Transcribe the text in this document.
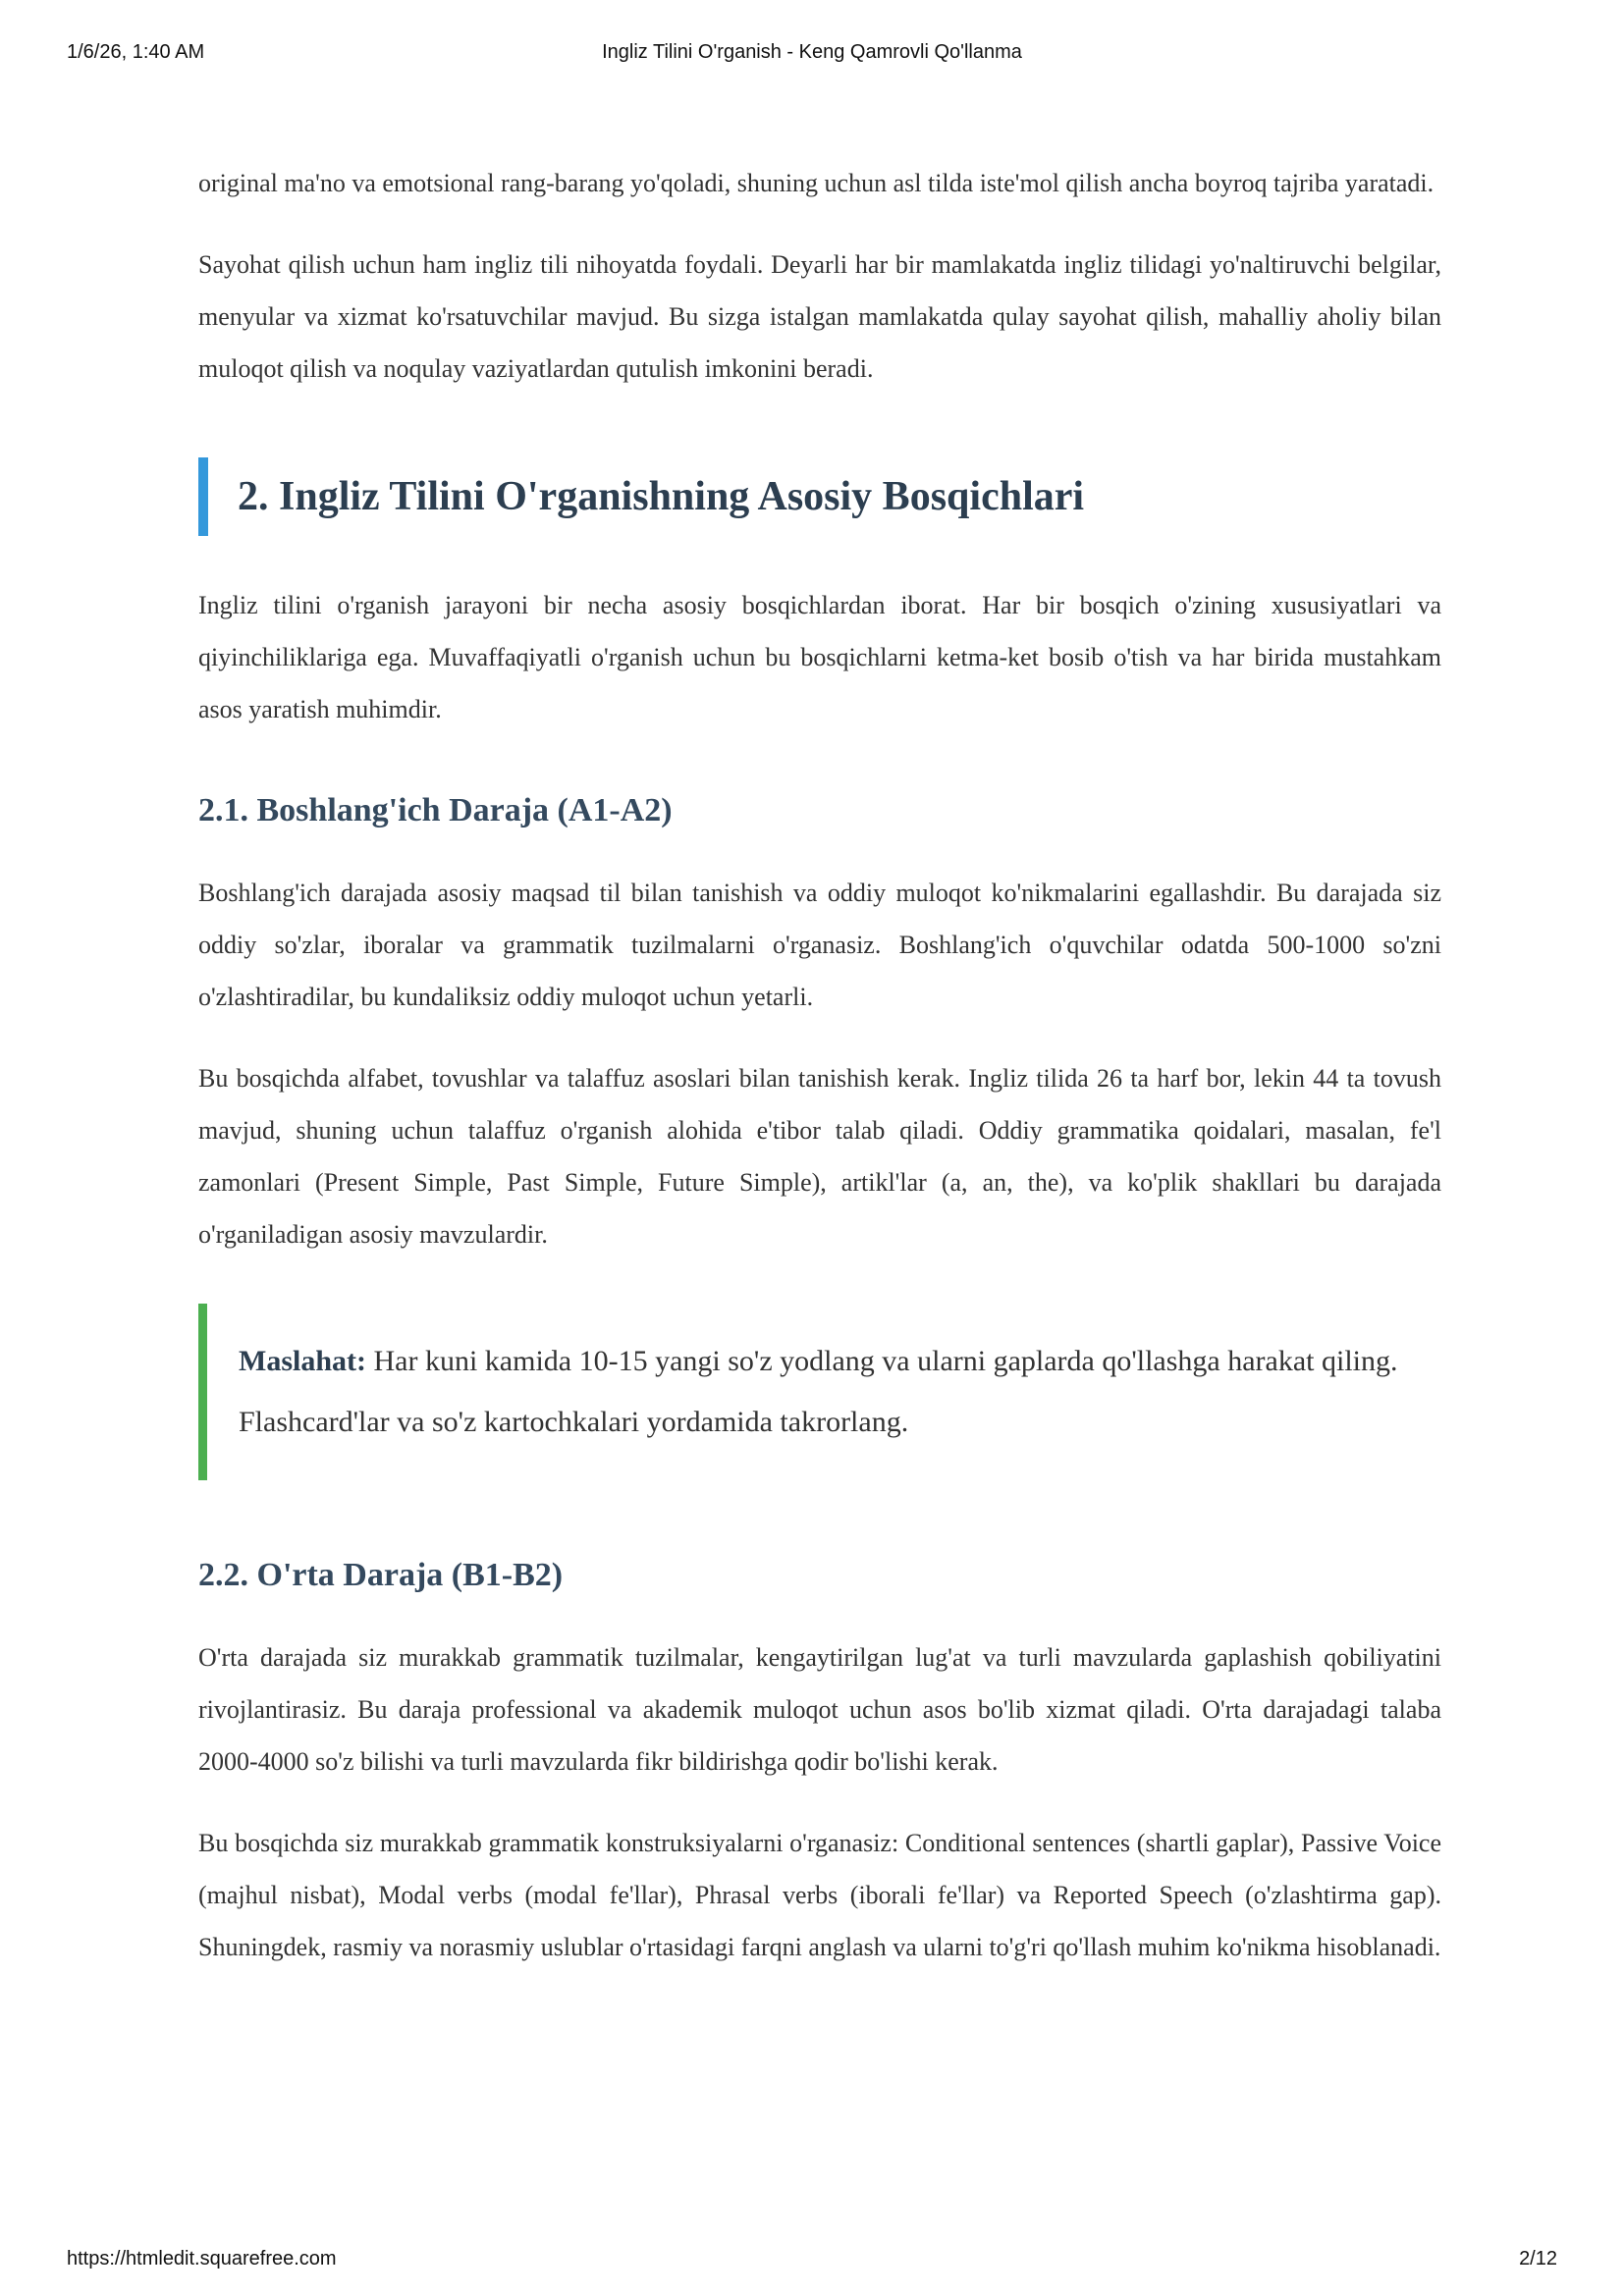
1/6/26, 1:40 AM	Ingliz Tilini O'rganish - Keng Qamrovli Qo'llanma

original ma'no va emotsional rang-barang yo'qoladi, shuning uchun asl tilda iste'mol qilish ancha boyroq tajriba yaratadi.

Sayohat qilish uchun ham ingliz tili nihoyatda foydali. Deyarli har bir mamlakatda ingliz tilidagi yo'naltiruvchi belgilar, menyular va xizmat ko'rsatuvchilar mavjud. Bu sizga istalgan mamlakatda qulay sayohat qilish, mahalliy aholiy bilan muloqot qilish va noqulay vaziyatlardan qutulish imkonini beradi.

2. Ingliz Tilini O'rganishning Asosiy Bosqichlari

Ingliz tilini o'rganish jarayoni bir necha asosiy bosqichlardan iborat. Har bir bosqich o'zining xususiyatlari va qiyinchiliklariga ega. Muvaffaqiyatli o'rganish uchun bu bosqichlarni ketma-ket bosib o'tish va har birida mustahkam asos yaratish muhimdir.

2.1. Boshlang'ich Daraja (A1-A2)

Boshlang'ich darajada asosiy maqsad til bilan tanishish va oddiy muloqot ko'nikmalarini egallashdir. Bu darajada siz oddiy so'zlar, iboralar va grammatik tuzilmalarni o'rganasiz. Boshlang'ich o'quvchilar odatda 500-1000 so'zni o'zlashtiradilar, bu kundaliksiz oddiy muloqot uchun yetarli.

Bu bosqichda alfabet, tovushlar va talaffuz asoslari bilan tanishish kerak. Ingliz tilida 26 ta harf bor, lekin 44 ta tovush mavjud, shuning uchun talaffuz o'rganish alohida e'tibor talab qiladi. Oddiy grammatika qoidalari, masalan, fe'l zamonlari (Present Simple, Past Simple, Future Simple), artikl'lar (a, an, the), va ko'plik shakllari bu darajada o'rganiladigan asosiy mavzulardir.

Maslahat: Har kuni kamida 10-15 yangi so'z yodlang va ularni gaplarda qo'llashga harakat qiling. Flashcard'lar va so'z kartochkalari yordamida takrorlang.
2.2. O'rta Daraja (B1-B2)

O'rta darajada siz murakkab grammatik tuzilmalar, kengaytirilgan lug'at va turli mavzularda gaplashish qobiliyatini rivojlantirasiz. Bu daraja professional va akademik muloqot uchun asos bo'lib xizmat qiladi. O'rta darajadagi talaba 2000-4000 so'z bilishi va turli mavzularda fikr bildirishga qodir bo'lishi kerak.

Bu bosqichda siz murakkab grammatik konstruksiyalarni o'rganasiz: Conditional sentences (shartli gaplar), Passive Voice (majhul nisbat), Modal verbs (modal fe'llar), Phrasal verbs (iborali fe'llar) va Reported Speech (o'zlashtirma gap). Shuningdek, rasmiy va norasmiy uslublar o'rtasidagi farqni anglash va ularni to'g'ri qo'llash muhim ko'nikma hisoblanadi.

https://htmledit.squarefree.com	2/12
